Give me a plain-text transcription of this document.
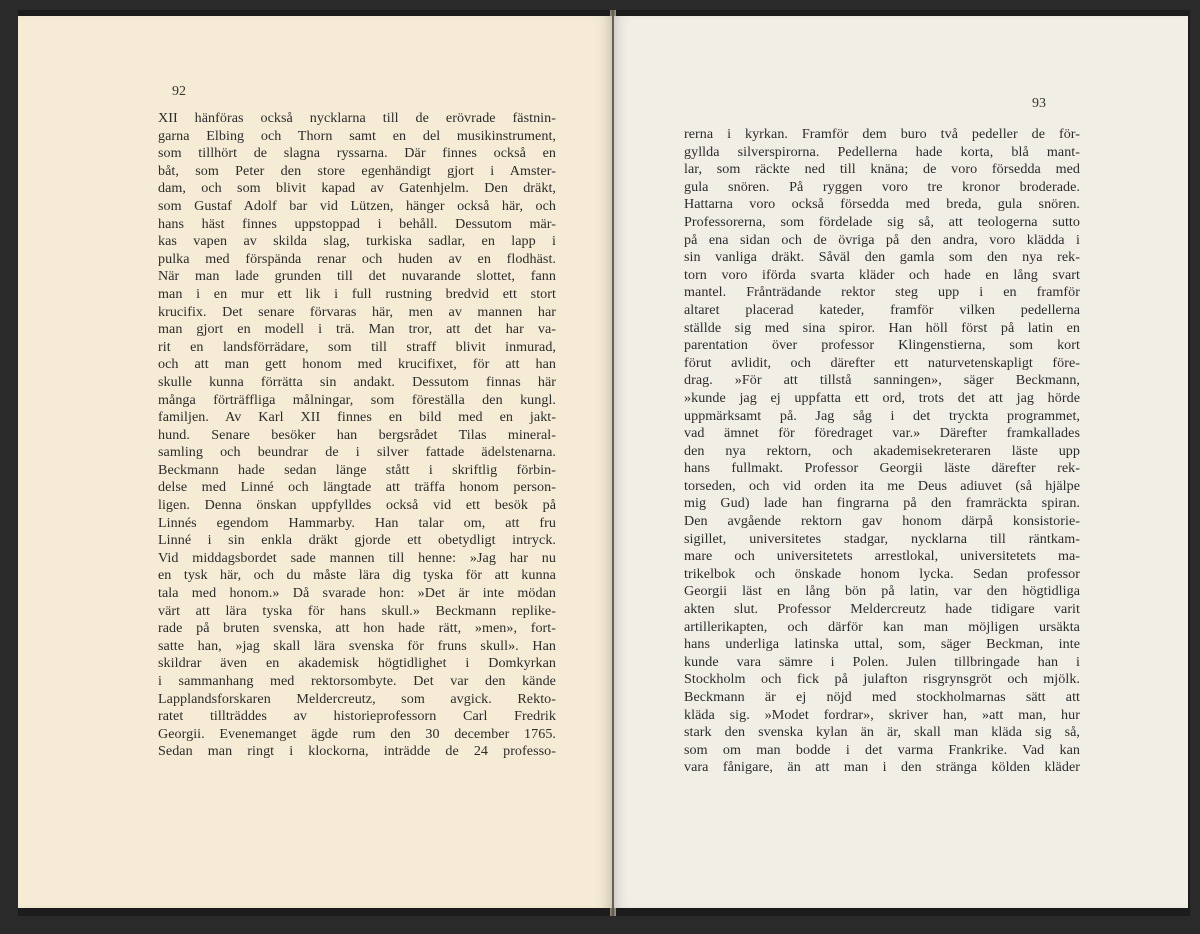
92
XII hänföras också nycklarna till de erövrade fästnin-
garna Elbing och Thorn samt en del musikinstrument,
som tillhört de slagna ryssarna. Där finnes också en
båt, som Peter den store egenhändigt gjort i Amster-
dam, och som blivit kapad av Gatenhjelm. Den dräkt,
som Gustaf Adolf bar vid Lützen, hänger också här, och
hans häst finnes uppstoppad i behåll. Dessutom mär-
kas vapen av skilda slag, turkiska sadlar, en lapp i
pulka med förspända renar och huden av en flodhäst.
När man lade grunden till det nuvarande slottet, fann
man i en mur ett lik i full rustning bredvid ett stort
krucifix. Det senare förvaras här, men av mannen har
man gjort en modell i trä. Man tror, att det har va-
rit en landsförrädare, som till straff blivit inmurad,
och att man gett honom med krucifixet, för att han
skulle kunna förrätta sin andakt. Dessutom finnas här
många förträffliga målningar, som föreställa den kungl.
familjen. Av Karl XII finnes en bild med en jakt-
hund. Senare besöker han bergsrådet Tilas mineral-
samling och beundrar de i silver fattade ädelstenarna.
Beckmann hade sedan länge stått i skriftlig förbin-
delse med Linné och längtade att träffa honom person-
ligen. Denna önskan uppfylldes också vid ett besök på
Linnés egendom Hammarby. Han talar om, att fru
Linné i sin enkla dräkt gjorde ett obetydligt intryck.
Vid middagsbordet sade mannen till henne: »Jag har nu
en tysk här, och du måste lära dig tyska för att kunna
tala med honom.» Då svarade hon: »Det är inte mödan
värt att lära tyska för hans skull.» Beckmann replike-
rade på bruten svenska, att hon hade rätt, »men», fort-
satte han, »jag skall lära svenska för fruns skull». Han
skildrar även en akademisk högtidlighet i Domkyrkan
i sammanhang med rektorsombyte. Det var den kände
Lapplandsforskaren Meldercreutz, som avgick. Rekto-
ratet tillträddes av historieprofessorn Carl Fredrik
Georgii. Evenemanget ägde rum den 30 december 1765.
Sedan man ringt i klockorna, inträdde de 24 professo-
93
rerna i kyrkan. Framför dem buro två pedeller de för-
gyllda silverspirorna. Pedellerna hade korta, blå mant-
lar, som räckte ned till knäna; de voro försedda med
gula snören. På ryggen voro tre kronor broderade.
Hattarna voro också försedda med breda, gula snören.
Professorerna, som fördelade sig så, att teologerna sutto
på ena sidan och de övriga på den andra, voro klädda i
sin vanliga dräkt. Såväl den gamla som den nya rek-
torn voro iförda svarta kläder och hade en lång svart
mantel. Frånträdande rektor steg upp i en framför
altaret placerad kateder, framför vilken pedellerna
ställde sig med sina spiror. Han höll först på latin en
parentation över professor Klingenstierna, som kort
förut avlidit, och därefter ett naturvetenskapligt före-
drag. »För att tillstå sanningen», säger Beckmann,
»kunde jag ej uppfatta ett ord, trots det att jag hörde
uppmärksamt på. Jag såg i det tryckta programmet,
vad ämnet för föredraget var.» Därefter framkallades
den nya rektorn, och akademisekreteraren läste upp
hans fullmakt. Professor Georgii läste därefter rek-
torseden, och vid orden ita me Deus adiuvet (så hjälpe
mig Gud) lade han fingrarna på den framräckta spiran.
Den avgående rektorn gav honom därpå konsistorie-
sigillet, universitetes stadgar, nycklarna till räntkam-
mare och universitetets arrestlokal, universitetets ma-
trikelbok och önskade honom lycka. Sedan professor
Georgii läst en lång bön på latin, var den högtidliga
akten slut. Professor Meldercreutz hade tidigare varit
artillerikapten, och därför kan man möjligen ursäkta
hans underliga latinska uttal, som, säger Beckman, inte
kunde vara sämre i Polen. Julen tillbringade han i
Stockholm och fick på julafton risgrynsgröt och mjölk.
Beckmann är ej nöjd med stockholmarnas sätt att
kläda sig. »Modet fordrar», skriver han, »att man, hur
stark den svenska kylan än är, skall man kläda sig så,
som om man bodde i det varma Frankrike. Vad kan
vara fånigare, än att man i den stränga kölden kläder
